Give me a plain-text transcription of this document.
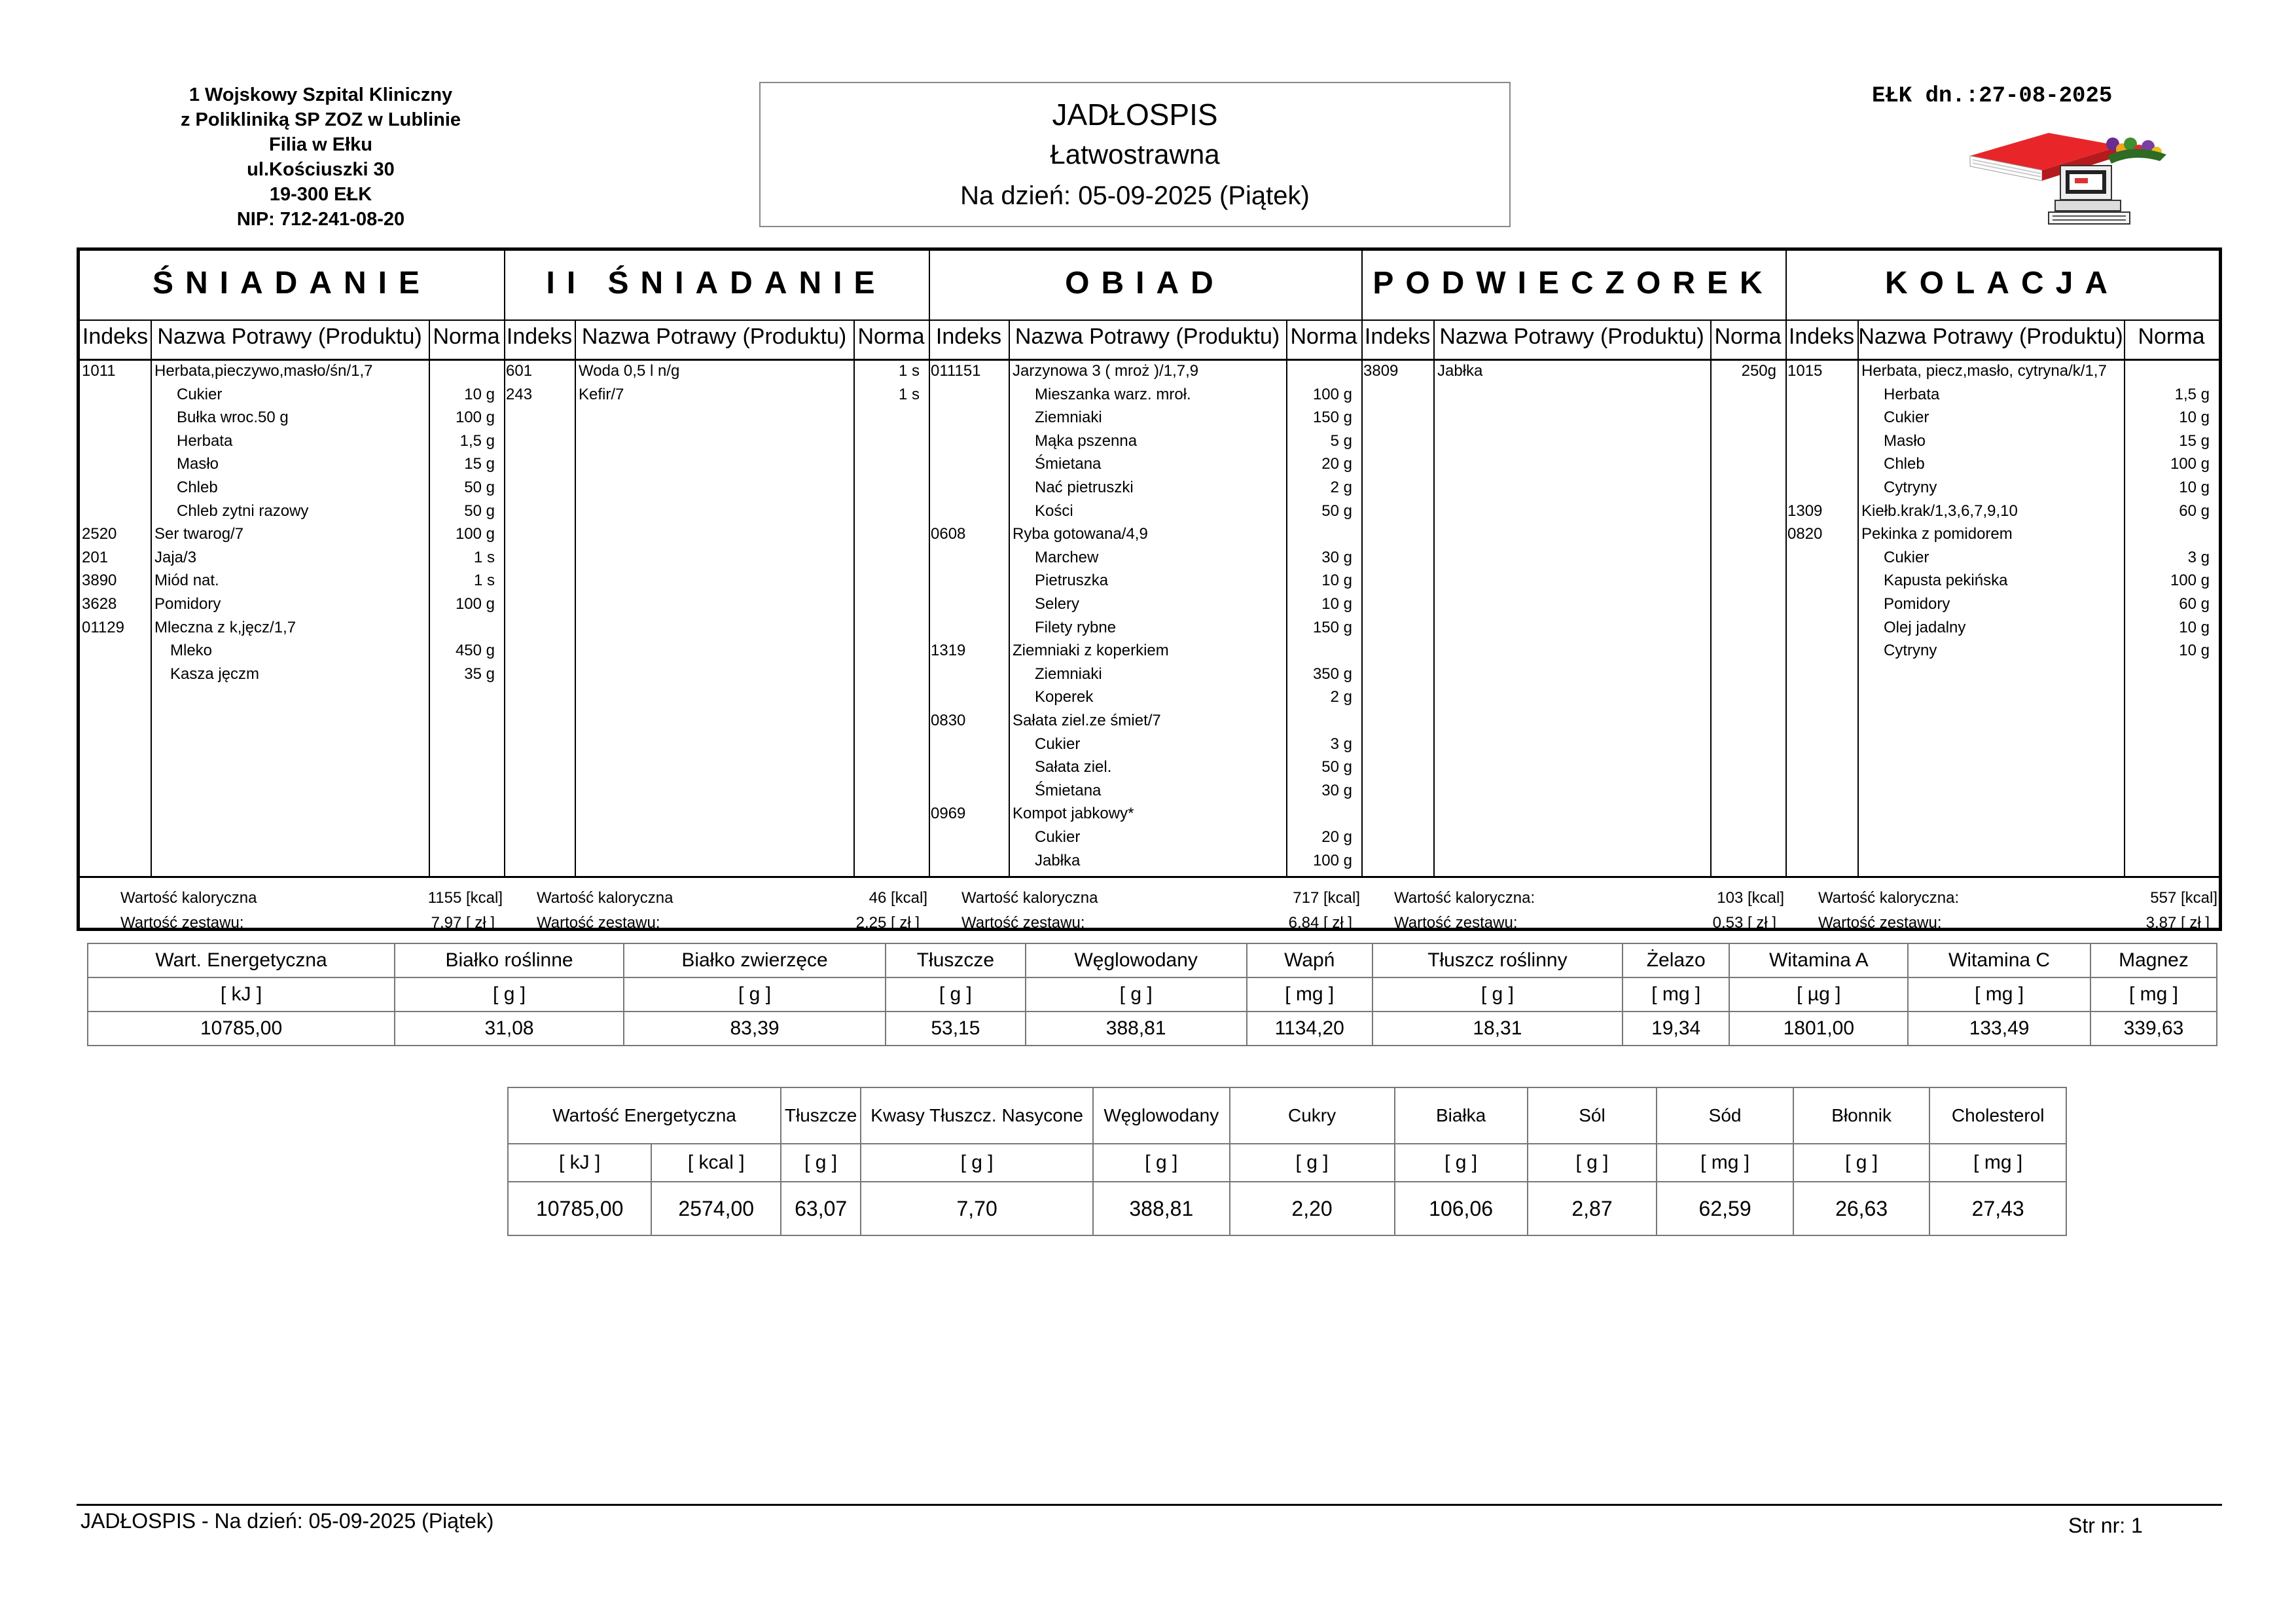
1 Wojskowy Szpital Kliniczny
z Polikliniką SP ZOZ w Lublinie
Filia w Ełku
ul.Kościuszki 30
19-300 EŁK
NIP: 712-241-08-20
JADŁOSPIS
Łatwostrawna
Na dzień: 05-09-2025 (Piątek)
EŁK dn.:27-08-2025
ŚNIADANIE
Indeks Nazwa Potrawy (Produktu) Norma
1011 Herbata,pieczywo,masło/śn/1,7
Cukier	10 g
Bułka wroc.50 g	100 g
Herbata	1,5 g
Masło	15 g
Chleb	50 g
Chleb zytni razowy	50 g
2520 Ser twarog/7	100 g
201	Jaja/3	1 s
3890 Miód nat.	1 s
3628 Pomidory	100 g
01129 Mleczna z k,jęcz/1,7
Mleko	450 g
Kasza jęczm	35 g
Wartość kaloryczna	1155 [kcal]
Wartość zestawu:	7,97 [ zł ]
II ŚNIADANIE
Indeks Nazwa Potrawy (Produktu) Norma
601	Woda 0,5 l n/g	1 s
243	Kefir/7	1 s
Wartość kaloryczna	46 [kcal]
Wartość zestawu:	2,25 [ zł ]
OBIAD
Indeks Nazwa Potrawy (Produktu) Norma
011151 Jarzynowa 3 ( mroż )/1,7,9
Mieszanka warz. mroł.	100 g
Ziemniaki	150 g
Mąka pszenna	5 g
Śmietana	20 g
Nać pietruszki	2 g
Kości	50 g
0608	Ryba gotowana/4,9
Marchew	30 g
Pietruszka	10 g
Selery	10 g
Filety rybne	150 g
1319	Ziemniaki z koperkiem
Ziemniaki	350 g
Koperek	2 g
0830	Sałata ziel.ze śmiet/7
Cukier	3 g
Sałata ziel.	50 g
Śmietana	30 g
0969	Kompot jabkowy*
Cukier	20 g
Jabłka	100 g
Wartość kaloryczna	717 [kcal]
Wartość zestawu:	6,84 [ zł ]
PODWIECZOREK
Indeks Nazwa Potrawy (Produktu) Norma
3809 Jabłka	250g
Wartość kaloryczna:	103 [kcal]
Wartość zestawu:	0,53 [ zł ]
KOLACJA
Indeks Nazwa Potrawy (Produktu) Norma
1015 Herbata, piecz,masło, cytryna/k/1,7
Herbata	1,5 g
Cukier	10 g
Masło	15 g
Chleb	100 g
Cytryny	10 g
1309 Kiełb.krak/1,3,6,7,9,10	60 g
0820 Pekinka z pomidorem
Cukier	3 g
Kapusta pekińska	100 g
Pomidory	60 g
Olej jadalny	10 g
Cytryny	10 g
Wartość kaloryczna:	557 [kcal]
Wartość zestawu:	3,87 [ zł ]
Wart. Energetyczna	Białko roślinne	Białko zwierzęce	Tłuszcze	Węglowodany	Wapń	Tłuszcz roślinny	Żelazo	Witamina A	Witamina C	Magnez
[ kJ ]	[ g ]	[ g ]	[ g ]	[ g ]	[ mg ]	[ g ]	[ mg ]	[ µg ]	[ mg ]	[ mg ]
10785,00	31,08	83,39	53,15	388,81	1134,20	18,31	19,34	1801,00	133,49	339,63
Wartość Energetyczna		Tłuszcze	Kwasy Tłuszcz. Nasycone	Węglowodany	Cukry	Białka	Sól	Sód	Błonnik	Cholesterol
[ kJ ]	[ kcal ]	[ g ]	[ g ]	[ g ]	[ g ]	[ g ]	[ g ]	[ mg ]	[ g ]	[ mg ]
10785,00	2574,00	63,07	7,70	388,81	2,20	106,06	2,87	62,59	26,63	27,43
JADŁOSPIS - Na dzień: 05-09-2025 (Piątek)	Str nr: 1
